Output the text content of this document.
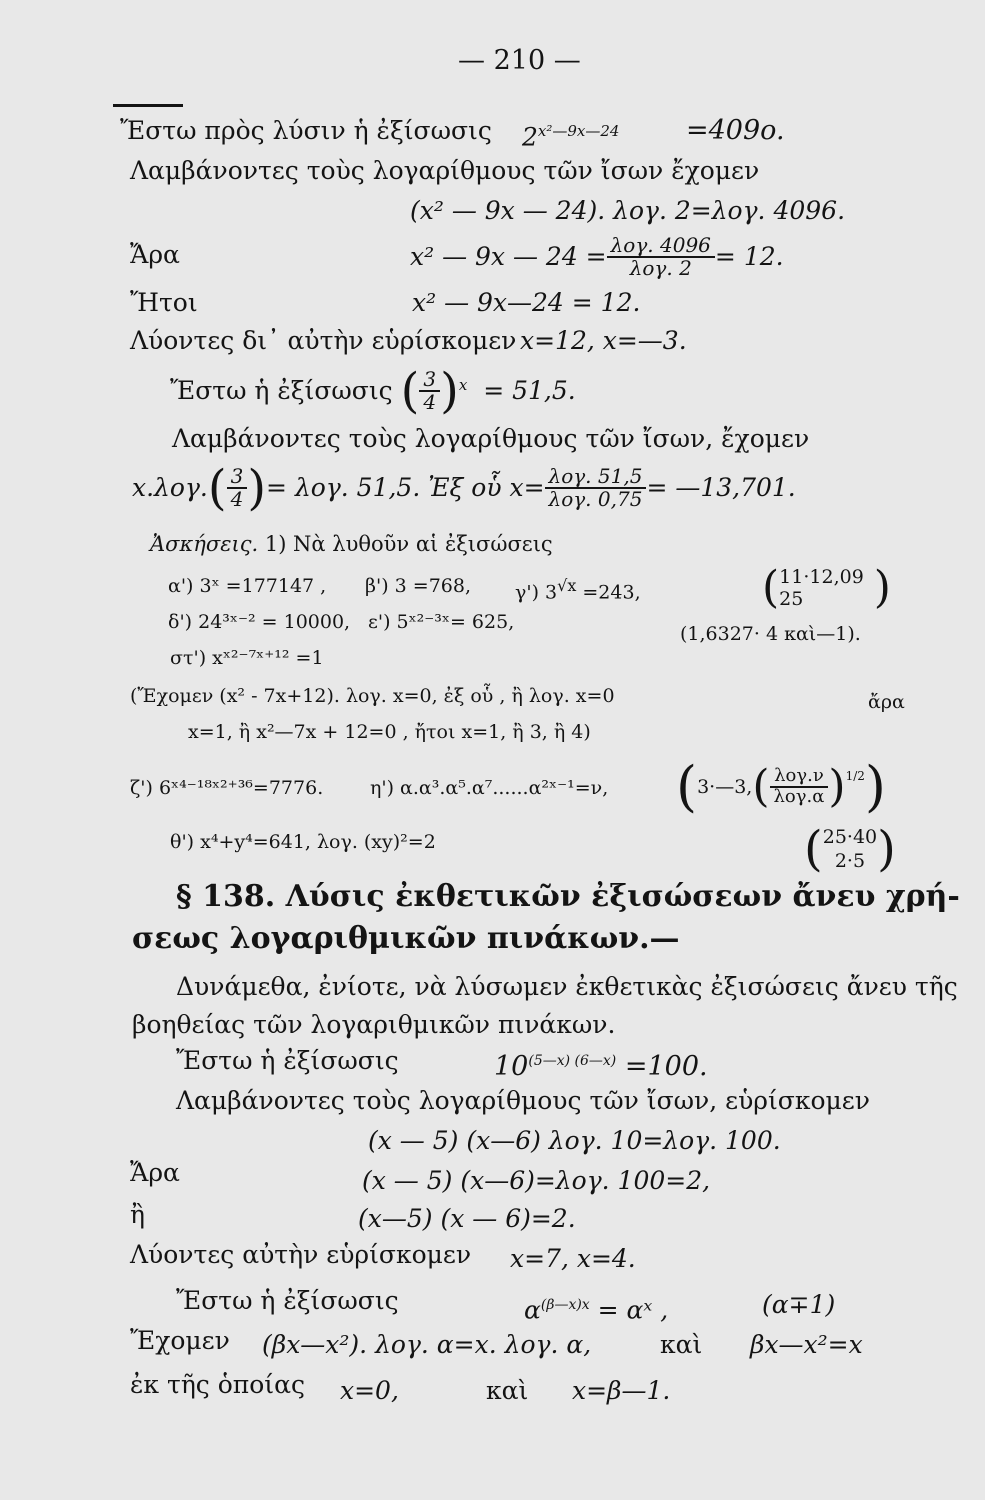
— 210 —
Ἔστω πρὸς λύσιν ἡ ἐξίσωσις $2^{x^2—9x—24} =409o$.
Λαμβάνοντες τοὺς λογαρίθμους τῶν ἴσων ἔχομεν
(x² — 9x — 24). λογ. 2=λογ. 4096.
Ἄρα	x² — 9x — $24 = \frac{\text{λογ. 4096}}{\text{λογ. 2}} = 12$.
Ἤτοι	x² — 9x—24 = 12.
Λύοντες δι᾽ αὐτὴν εὑρίσκομεν x=12, x=—3.
Ἔστω ἡ ἐξίσωσις
( $\frac{3}{4}$ ) x
= 51,5.
Λαμβάνοντες τοὺς λογαρίθμους τῶν ἴσων, ἔχομεν
x.λογ. ( $\frac{3}{4}$ ) = λογ. 51,5. Ἐξ οὗ $x= \frac{\text{λογ. 51,5}}{\text{λογ. 0,75}}$ = —13,701.
Ἀσκήσεις. 1) Νὰ λυθοῦν αἱ ἐξισώσεις
α') 3ˣ =177147 , β') 3 =768, γ') $3^{√x} =243$,	( 11·12,09
25	)
δ') 24³ˣ⁻² = 10000, ε') 5ˣ²⁻³ˣ= 625,
(1,6327· 4 καὶ—1).
στ') xˣ²⁻⁷ˣ⁺¹² =1
(Ἔχομεν (x² - 7x+12). λογ. x=0, ἐξ οὗ , ἢ λογ. x=0	ἄρα
x=1, ἢ x²—7x + 12=0 , ἤτοι x=1, ἢ 3, ἢ 4)
ζ') 6ˣ⁴⁻¹⁸ˣ²⁺³⁶=7776. η') α.α³.α⁵.α⁷......α²ˣ⁻¹=ν, ( 3·—3, ( $\frac{\text{λογ.ν}}{\text{λογ.α}}$ ) 1/2 )
θ') x⁴+y⁴=641, λογ. (xy)²=2	( 25·40
2·5 )
§ 138. Λύσις ἐκθετικῶν ἐξισώσεων ἄνευ χρή-
σεως λογαριθμικῶν πινάκων.—
Δυνάμεθα, ἐνίοτε, νὰ λύσωμεν ἐκθετικὰς ἐξισώσεις ἄνευ τῆς
βοηθείας τῶν λογαριθμικῶν πινάκων.
Ἔστω ἡ ἐξίσωσις	$10^{(5—x) (6—x)} =100$.
Λαμβάνοντες τοὺς λογαρίθμους τῶν ἴσων, εὑρίσκομεν
(x — 5) (x—6) λογ. 10=λογ. 100.
Ἄρα	(x — 5) (x—6)=λογ. 100=2,
ἢ	(x—5) (x — 6)=2.
Λύοντες αὐτὴν εὑρίσκομεν x=7, x=4.
Ἔστω ἡ ἐξίσωσις	$\alpha^{(\beta—x)x}$ = αˣ ,	(α∓1)
Ἔχομεν (βx—x²). λογ. α=x. λογ. α,	καὶ βx—x²=x
ἐκ τῆς ὁποίας x=0,	καὶ x=β—1.
